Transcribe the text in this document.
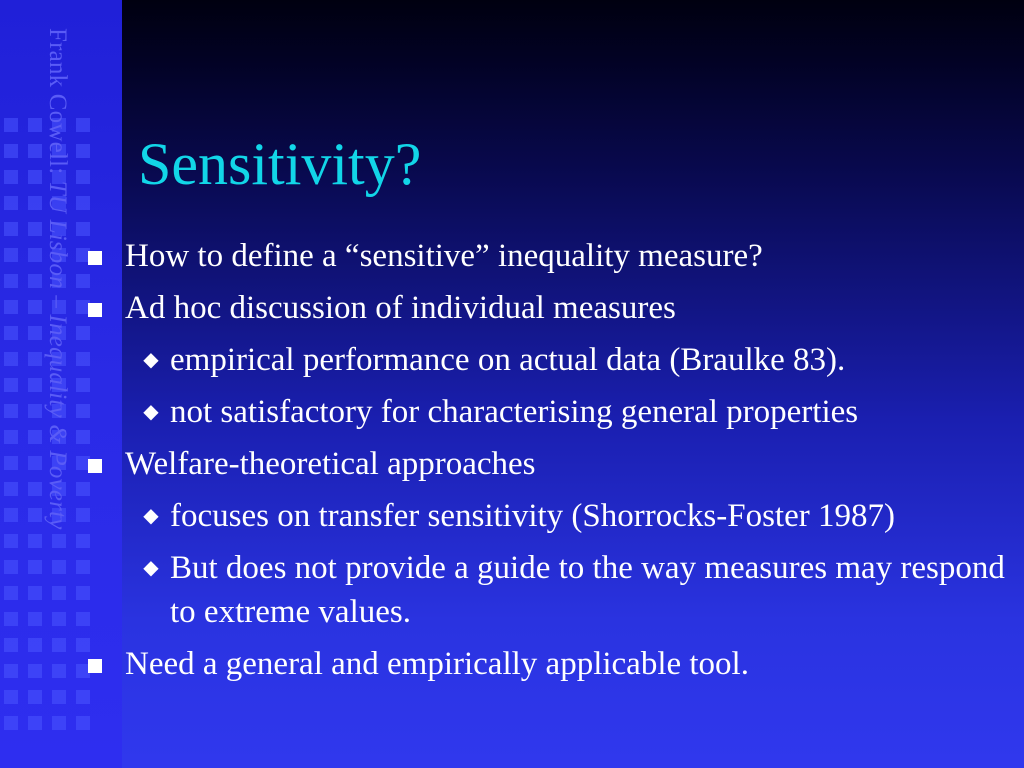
Frank Cowell: TU Lisbon – Inequality & Poverty
Sensitivity?
How to define a “sensitive” inequality measure?
Ad hoc discussion of individual measures
◆ empirical performance on actual data (Braulke 83).
◆ not satisfactory for characterising general properties
Welfare-theoretical approaches
◆ focuses on transfer sensitivity (Shorrocks-Foster 1987)
◆ But does not provide a guide to the way measures may respond to extreme values.
Need a general and empirically applicable tool.
